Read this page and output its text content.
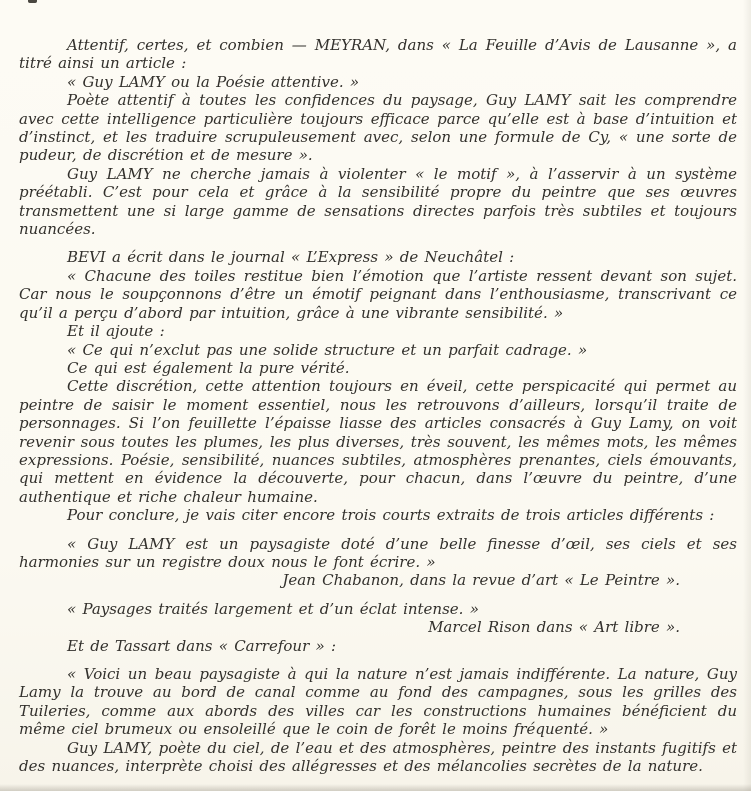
Attentif, certes, et combien — MEYRAN, dans « La Feuille d’Avis de Lausanne », a titré ainsi un article :

« Guy LAMY ou la Poésie attentive. »

Poète attentif à toutes les confidences du paysage, Guy LAMY sait les comprendre avec cette intelligence particulière toujours efficace parce qu’elle est à base d’intuition et d’instinct, et les traduire scrupuleusement avec, selon une formule de Cy, « une sorte de pudeur, de discrétion et de mesure ».

Guy LAMY ne cherche jamais à violenter « le motif », à l’asservir à un système préétabli. C’est pour cela et grâce à la sensibilité propre du peintre que ses œuvres transmettent une si large gamme de sensations directes parfois très subtiles et toujours nuancées.

BEVI a écrit dans le journal « L’Express » de Neuchâtel :

« Chacune des toiles restitue bien l’émotion que l’artiste ressent devant son sujet. Car nous le soupçonnons d’être un émotif peignant dans l’enthousiasme, transcrivant ce qu’il a perçu d’abord par intuition, grâce à une vibrante sensibilité. »

Et il ajoute :

« Ce qui n’exclut pas une solide structure et un parfait cadrage. »

Ce qui est également la pure vérité.

Cette discrétion, cette attention toujours en éveil, cette perspicacité qui permet au peintre de saisir le moment essentiel, nous les retrouvons d’ailleurs, lorsqu’il traite de personnages. Si l’on feuillette l’épaisse liasse des articles consacrés à Guy Lamy, on voit revenir sous toutes les plumes, les plus diverses, très souvent, les mêmes mots, les mêmes expressions. Poésie, sensibilité, nuances subtiles, atmosphères prenantes, ciels émouvants, qui mettent en évidence la découverte, pour chacun, dans l’œuvre du peintre, d’une authentique et riche chaleur humaine.

Pour conclure, je vais citer encore trois courts extraits de trois articles différents :

« Guy LAMY est un paysagiste doté d’une belle finesse d’œil, ses ciels et ses harmonies sur un registre doux nous le font écrire. »

Jean Chabanon, dans la revue d’art « Le Peintre ».

« Paysages traités largement et d’un éclat intense. »

Marcel Rison dans « Art libre ».

Et de Tassart dans « Carrefour » :

« Voici un beau paysagiste à qui la nature n’est jamais indifférente. La nature, Guy Lamy la trouve au bord de canal comme au fond des campagnes, sous les grilles des Tuileries, comme aux abords des villes car les constructions humaines bénéficient du même ciel brumeux ou ensoleillé que le coin de forêt le moins fréquenté. »

Guy LAMY, poète du ciel, de l’eau et des atmosphères, peintre des instants fugitifs et des nuances, interprète choisi des allégresses et des mélancolies secrètes de la nature.
